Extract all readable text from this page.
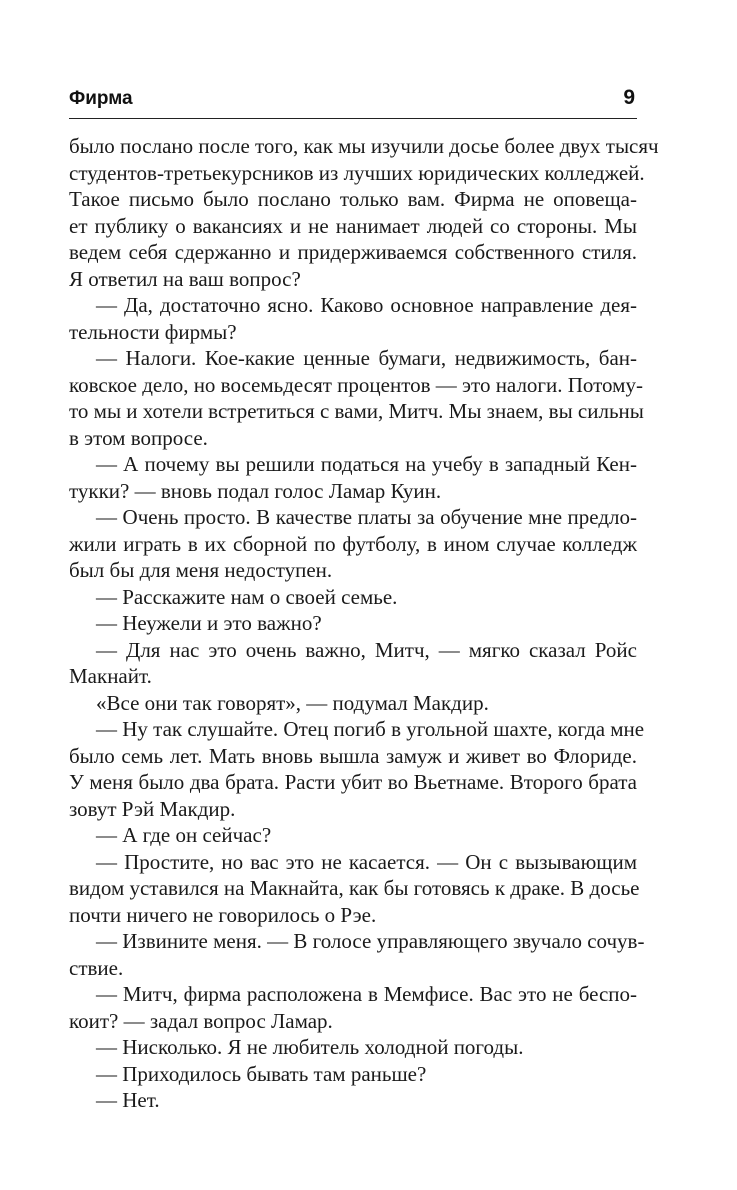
Фирма	9
было послано после того, как мы изучили досье более двух тысяч
студентов-третьекурсников из лучших юридических колледжей.
Такое письмо было послано только вам. Фирма не оповеща-
ет публику о вакансиях и не нанимает людей со стороны. Мы
ведем себя сдержанно и придерживаемся собственного стиля.
Я ответил на ваш вопрос?
— Да, достаточно ясно. Каково основное направление дея-
тельности фирмы?
— Налоги. Кое-какие ценные бумаги, недвижимость, бан-
ковское дело, но восемьдесят процентов — это налоги. Потому-
то мы и хотели встретиться с вами, Митч. Мы знаем, вы сильны
в этом вопросе.
— А почему вы решили податься на учебу в западный Кен-
тукки? — вновь подал голос Ламар Куин.
— Очень просто. В качестве платы за обучение мне предло-
жили играть в их сборной по футболу, в ином случае колледж
был бы для меня недоступен.
— Расскажите нам о своей семье.
— Неужели и это важно?
— Для нас это очень важно, Митч, — мягко сказал Ройс
Макнайт.
«Все они так говорят», — подумал Макдир.
— Ну так слушайте. Отец погиб в угольной шахте, когда мне
было семь лет. Мать вновь вышла замуж и живет во Флориде.
У меня было два брата. Расти убит во Вьетнаме. Второго брата
зовут Рэй Макдир.
— А где он сейчас?
— Простите, но вас это не касается. — Он с вызывающим
видом уставился на Макнайта, как бы готовясь к драке. В досье
почти ничего не говорилось о Рэе.
— Извините меня. — В голосе управляющего звучало сочув-
ствие.
— Митч, фирма расположена в Мемфисе. Вас это не беспо-
коит? — задал вопрос Ламар.
— Нисколько. Я не любитель холодной погоды.
— Приходилось бывать там раньше?
— Нет.
